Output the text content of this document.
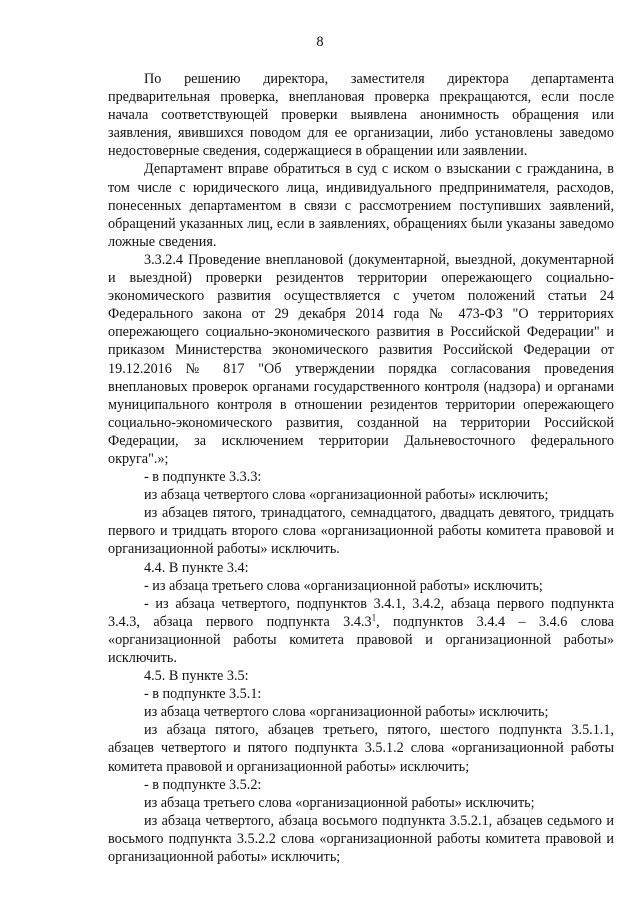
8

По решению директора, заместителя директора департамента предварительная проверка, внеплановая проверка прекращаются, если после начала соответствующей проверки выявлена анонимность обращения или заявления, явившихся поводом для ее организации, либо установлены заведомо недостоверные сведения, содержащиеся в обращении или заявлении.

Департамент вправе обратиться в суд с иском о взыскании с гражданина, в том числе с юридического лица, индивидуального предпринимателя, расходов, понесенных департаментом в связи с рассмотрением поступивших заявлений, обращений указанных лиц, если в заявлениях, обращениях были указаны заведомо ложные сведения.

3.3.2.4 Проведение внеплановой (документарной, выездной, документарной и выездной) проверки резидентов территории опережающего социально-экономического развития осуществляется с учетом положений статьи 24 Федерального закона от 29 декабря 2014 года № 473-ФЗ "О территориях опережающего социально-экономического развития в Российской Федерации" и приказом Министерства экономического развития Российской Федерации от 19.12.2016 № 817 "Об утверждении порядка согласования проведения внеплановых проверок органами государственного контроля (надзора) и органами муниципального контроля в отношении резидентов территории опережающего социально-экономического развития, созданной на территории Российской Федерации, за исключением территории Дальневосточного федерального округа".»;

- в подпункте 3.3.3:

из абзаца четвертого слова «организационной работы» исключить;

из абзацев пятого, тринадцатого, семнадцатого, двадцать девятого, тридцать первого и тридцать второго слова «организационной работы комитета правовой и организационной работы» исключить.

4.4. В пункте 3.4:

- из абзаца третьего слова «организационной работы» исключить;

- из абзаца четвертого, подпунктов 3.4.1, 3.4.2, абзаца первого подпункта 3.4.3, абзаца первого подпункта 3.4.3$^1$, подпунктов 3.4.4 – 3.4.6 слова «организационной работы комитета правовой и организационной работы» исключить.

4.5. В пункте 3.5:

- в подпункте 3.5.1:

из абзаца четвертого слова «организационной работы» исключить;

из абзаца пятого, абзацев третьего, пятого, шестого подпункта 3.5.1.1, абзацев четвертого и пятого подпункта 3.5.1.2 слова «организационной работы комитета правовой и организационной работы» исключить;

- в подпункте 3.5.2:

из абзаца третьего слова «организационной работы» исключить;

из абзаца четвертого, абзаца восьмого подпункта 3.5.2.1, абзацев седьмого и восьмого подпункта 3.5.2.2 слова «организационной работы комитета правовой и организационной работы» исключить;
